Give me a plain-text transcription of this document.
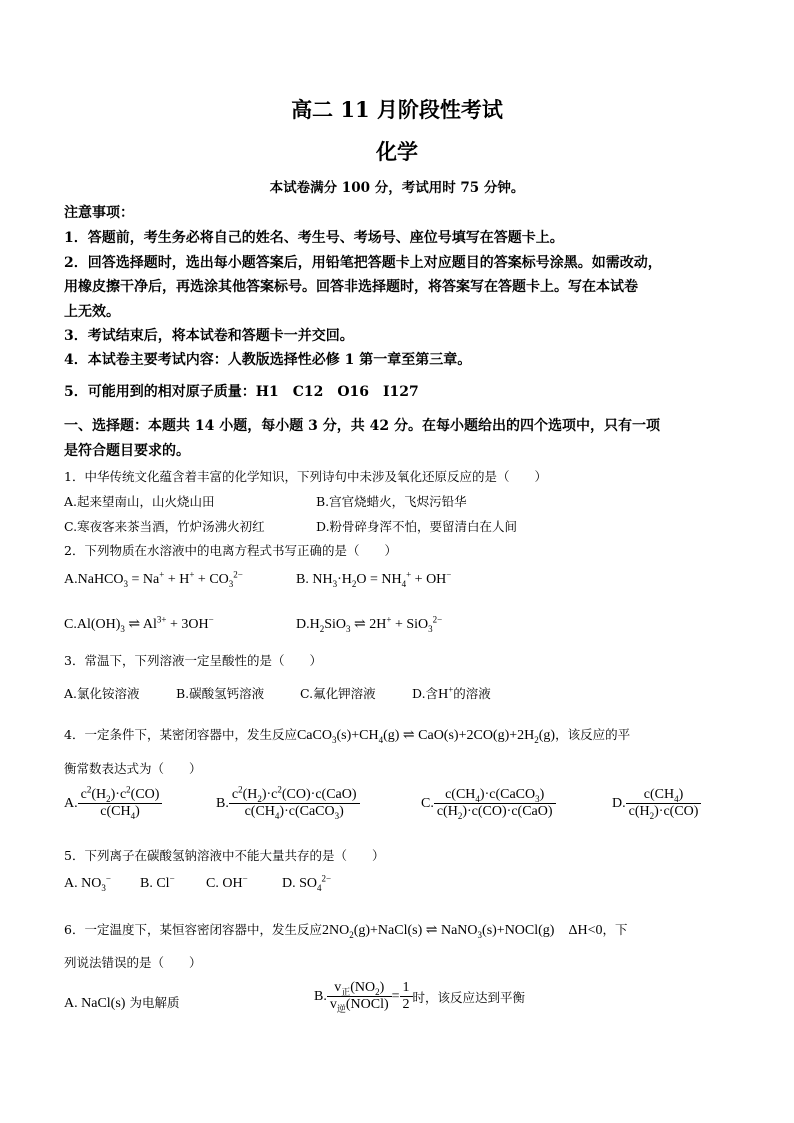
高二 11 月阶段性考试
化学
本试卷满分 100 分，考试用时 75 分钟。
注意事项：
1．答题前，考生务必将自己的姓名、考生号、考场号、座位号填写在答题卡上。
2．回答选择题时，选出每小题答案后，用铅笔把答题卡上对应题目的答案标号涂黑。如需改动，
用橡皮擦干净后，再选涂其他答案标号。回答非选择题时，将答案写在答题卡上。写在本试卷
上无效。
3．考试结束后，将本试卷和答题卡一并交回。
4．本试卷主要考试内容：人教版选择性必修 1 第一章至第三章。
5．可能用到的相对原子质量：H1　C12　O16　I127
一、选择题：本题共 14 小题，每小题 3 分，共 42 分。在每小题给出的四个选项中，只有一项
是符合题目要求的。
1．中华传统文化蕴含着丰富的化学知识，下列诗句中未涉及氧化还原反应的是（　　）
A.起来望南山，山火烧山田	B.宫官烧蜡火，飞烬污铅华
C.寒夜客来茶当酒，竹炉汤沸火初红	D.粉骨碎身浑不怕，要留清白在人间
2．下列物质在水溶液中的电离方程式书写正确的是（　　）
A.NaHCO$_3$ = $Na^+ + H^+ + CO_3^{2-}$	B. $NH_3\cdot H_2O = NH_4^+ + OH^-$
$C.Al(OH)_3$ ⇌ $Al^{3+} + 3OH^-$	$D.H_2SiO_3$ ⇌ 2H+ + SiO$_3^{2-}$
3．常温下，下列溶液一定呈酸性的是（　　）
A.氯化铵溶液	B.碳酸氢钙溶液	C.氟化钾溶液	D.含H+的溶液
4．一定条件下，某密闭容器中，发生反应$CaCO_3(s)+CH_4(g)$ ⇌ $CaO(s)+2CO(g)+2H_2(g)$，该反应的平
衡常数表达式为（　　）
A. $\frac{c^2(H_2)\cdot c^2(CO)}{c(CH_4)}$	B. $\frac{c^2(H_2)\cdot c^2(CO)\cdot c(CaO)}{c(CH_4)\cdot c(CaCO_3)}$	C. $\frac{c(CH_4)\cdot c(CaCO_3)}{c(H_2)\cdot c(CO)\cdot c(CaO)}$	D. $\frac{c(CH_4)}{c(H_2)\cdot c(CO)}$
5．下列离子在碳酸氢钠溶液中不能大量共存的是（　　）
A. $NO_3^-$ B. Cl− C. OH− D. $SO_4^{2-}$
6．一定温度下，某恒容密闭容器中，发生反应$2NO_2(g)+NaCl(s)$ ⇌ NaNO$_3$(s)+NOCl(g)　ΔH<0，下
列说法错误的是（　　）
A. NaCl(s) 为电解质	B. $\frac{v_正(NO_2)}{v_逆(NOCl)} = \frac{1}{2}$ 时，该反应达到平衡
